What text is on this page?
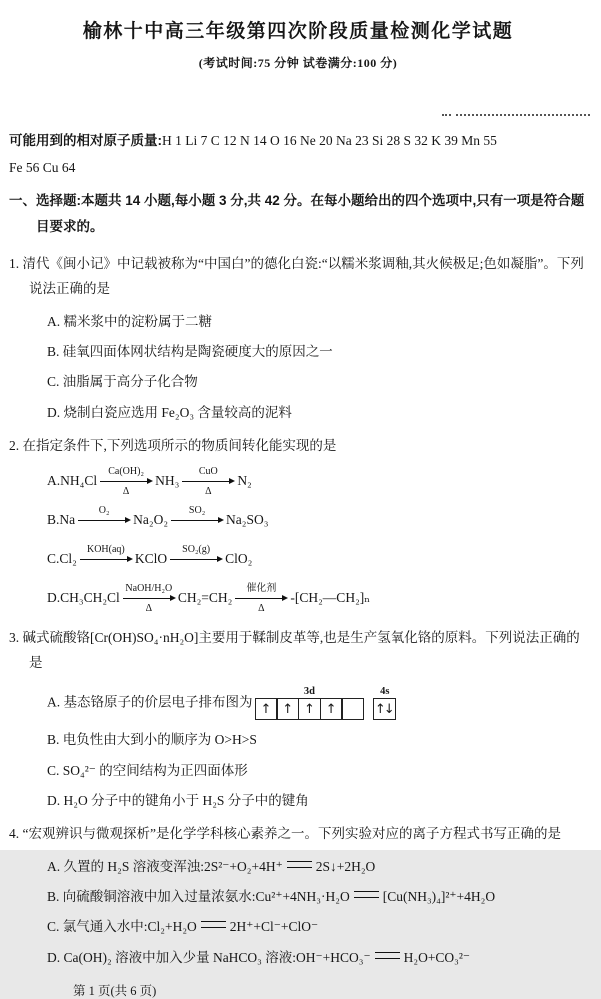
榆林十中高三年级第四次阶段质量检测化学试题
(考试时间:75 分钟 试卷满分:100 分)
可能用到的相对原子质量:H 1 Li 7 C 12 N 14 O 16 Ne 20 Na 23 Si 28 S 32 K 39 Mn 55
Fe 56 Cu 64
一、选择题:本题共 14 小题,每小题 3 分,共 42 分。在每小题给出的四个选项中,只有一项是符合题目要求的。
1. 清代《闽小记》中记载被称为“中国白”的德化白瓷:“以糯米浆调釉,其火候极足;色如凝脂”。下列说法正确的是
A. 糯米浆中的淀粉属于二糖
B. 硅氧四面体网状结构是陶瓷硬度大的原因之一
C. 油脂属于高分子化合物
D. 烧制白瓷应选用 Fe₂O₃ 含量较高的泥料
2. 在指定条件下,下列选项所示的物质间转化能实现的是
A.NH₄Cl
Ca(OH)₂
Δ
NH₃
CuO
Δ
N₂
B.Na
O₂
Na₂O₂
SO₂
Na₂SO₃
C.Cl₂
KOH(aq)
KClO
SO₂(g)
ClO₂
D.CH₃CH₂Cl
NaOH/H₂O
Δ
CH₂=CH₂
催化剂
Δ
-[CH₂—CH₂]ₙ
3. 碱式硫酸铬[Cr(OH)SO₄·nH₂O]主要用于鞣制皮革等,也是生产氢氧化铬的原料。下列说法正确的是
A. 基态铬原子的价层电子排布图为
3d
↑ ↑ ↑ ↑
4s
↑↓
B. 电负性由大到小的顺序为 O>H>S
C. SO₄²⁻ 的空间结构为正四面体形
D. H₂O 分子中的键角小于 H₂S 分子中的键角
4. “宏观辨识与微观探析”是化学学科核心素养之一。下列实验对应的离子方程式书写正确的是
A. 久置的 H₂S 溶液变浑浊:2S²⁻+O₂+4H⁺ 2S↓+2H₂O
B. 向硫酸铜溶液中加入过量浓氨水:Cu²⁺+4NH₃·H₂O [Cu(NH₃)₄]²⁺+4H₂O
C. 氯气通入水中:Cl₂+H₂O 2H⁺+Cl⁻+ClO⁻
D. Ca(OH)₂ 溶液中加入少量 NaHCO₃ 溶液:OH⁻+HCO₃⁻ H₂O+CO₃²⁻
第 1 页(共 6 页)
